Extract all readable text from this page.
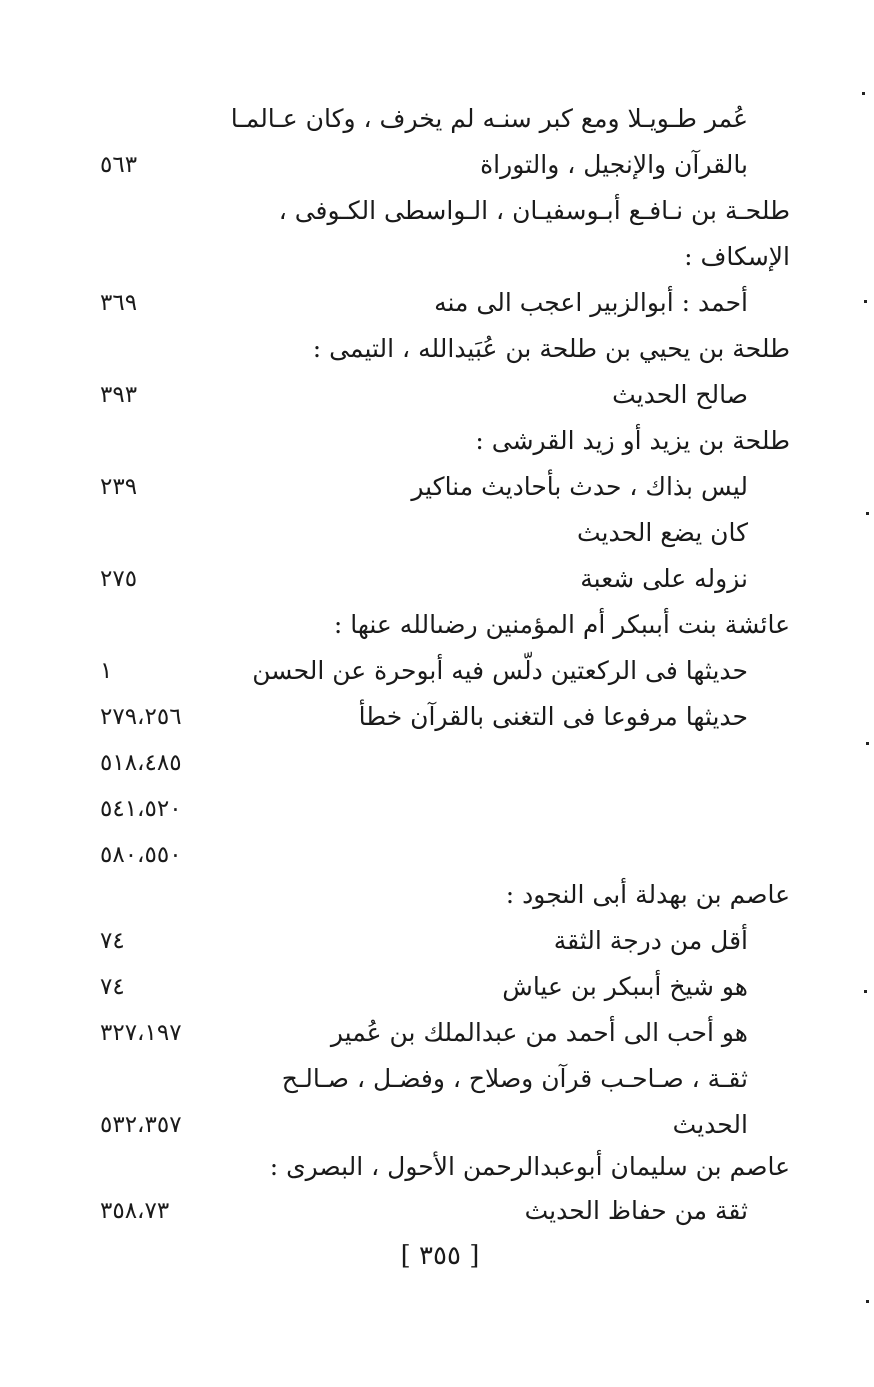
عُمر طـويـلا ومع كبر سنـه لم يخرف ، وكان عـالمـا
بالقرآن والإنجيل ، والتوراة
٥٦٣
طلحـة بن نـافـع أبـوسفيـان ، الـواسطى الكـوفى ،
الإسكاف :
أحمد : أبوالزبير اعجب الى منه
٣٦٩
طلحة بن يحيي بن طلحة بن عُبَيدالله ، التيمى :
صالح الحديث
٣٩٣
طلحة بن يزيد أو زيد القرشى :
ليس بذاك ، حدث بأحاديث مناكير
٢٣٩
كان يضع الحديث
نزوله على شعبة
٢٧٥
عائشة بنت أبىبكر أم المؤمنين رضىالله عنها :
حديثها فى الركعتين دلّس فيه أبوحرة عن الحسن
١
حديثها مرفوعا فى التغنى بالقرآن خطأ
٢٧٩،٢٥٦
٥١٨،٤٨٥
٥٤١،٥٢٠
٥٨٠،٥٥٠
عاصم بن بهدلة أبى النجود :
أقل من درجة الثقة
٧٤
هو شيخ أبىبكر بن عياش
٧٤
هو أحب الى أحمد من عبدالملك بن عُمير
٣٢٧،١٩٧
ثقـة ، صـاحـب قرآن وصلاح ، وفضـل ، صـالـح
الحديث
٥٣٢،٣٥٧
عاصم بن سليمان أبوعبدالرحمن الأحول ، البصرى :
ثقة من حفاظ الحديث
٣٥٨،٧٣
[ ٣٥٥ ]
